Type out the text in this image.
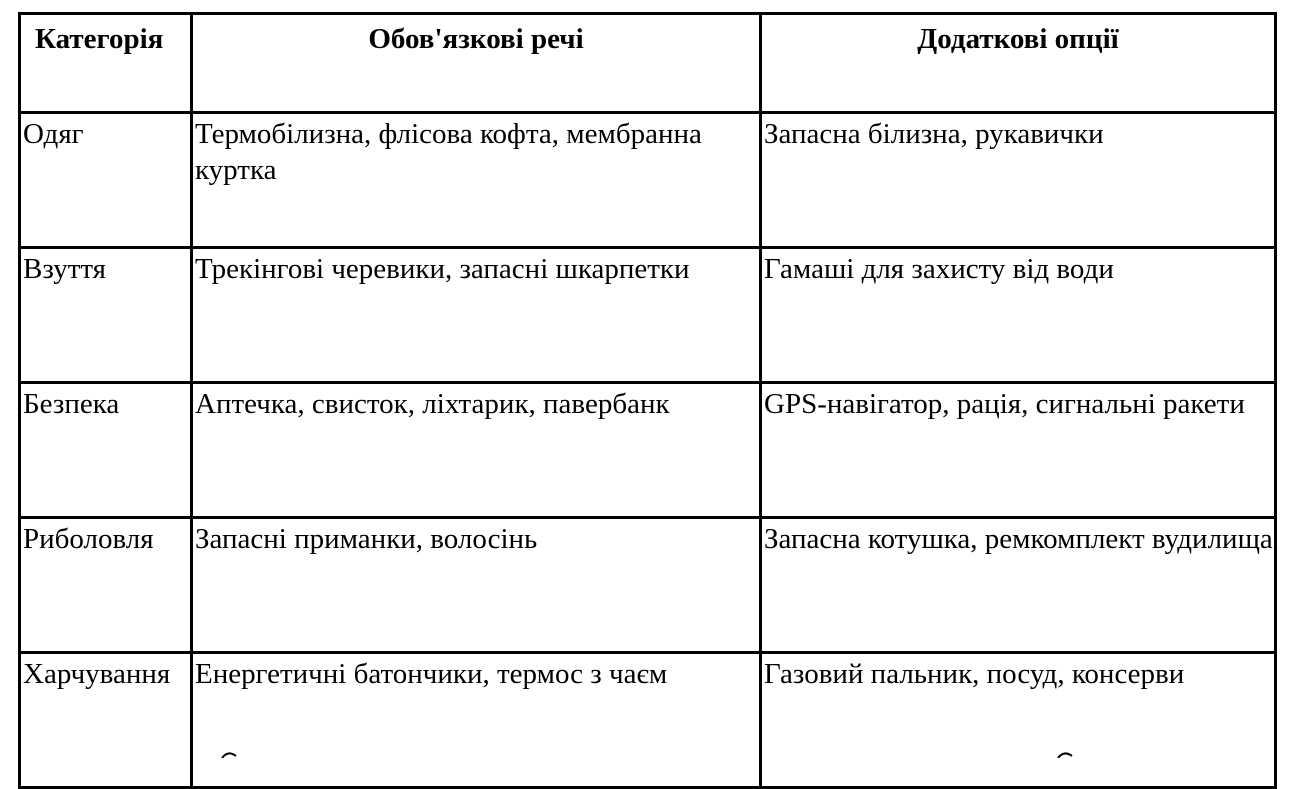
Категорія	Обов'язкові речі	Додаткові опції
Одяг	Термобілизна, флісова кофта, мембранна куртка	Запасна білизна, рукавички
Взуття	Трекінгові черевики, запасні шкарпетки	Гамаші для захисту від води
Безпека	Аптечка, свисток, ліхтарик, павербанк	GPS-навігатор, рація, сигнальні ракети
Риболовля	Запасні приманки, волосінь	Запасна котушка, ремкомплект вудилища
Харчування	Енергетичні батончики, термос з чаєм	Газовий пальник, посуд, консерви
